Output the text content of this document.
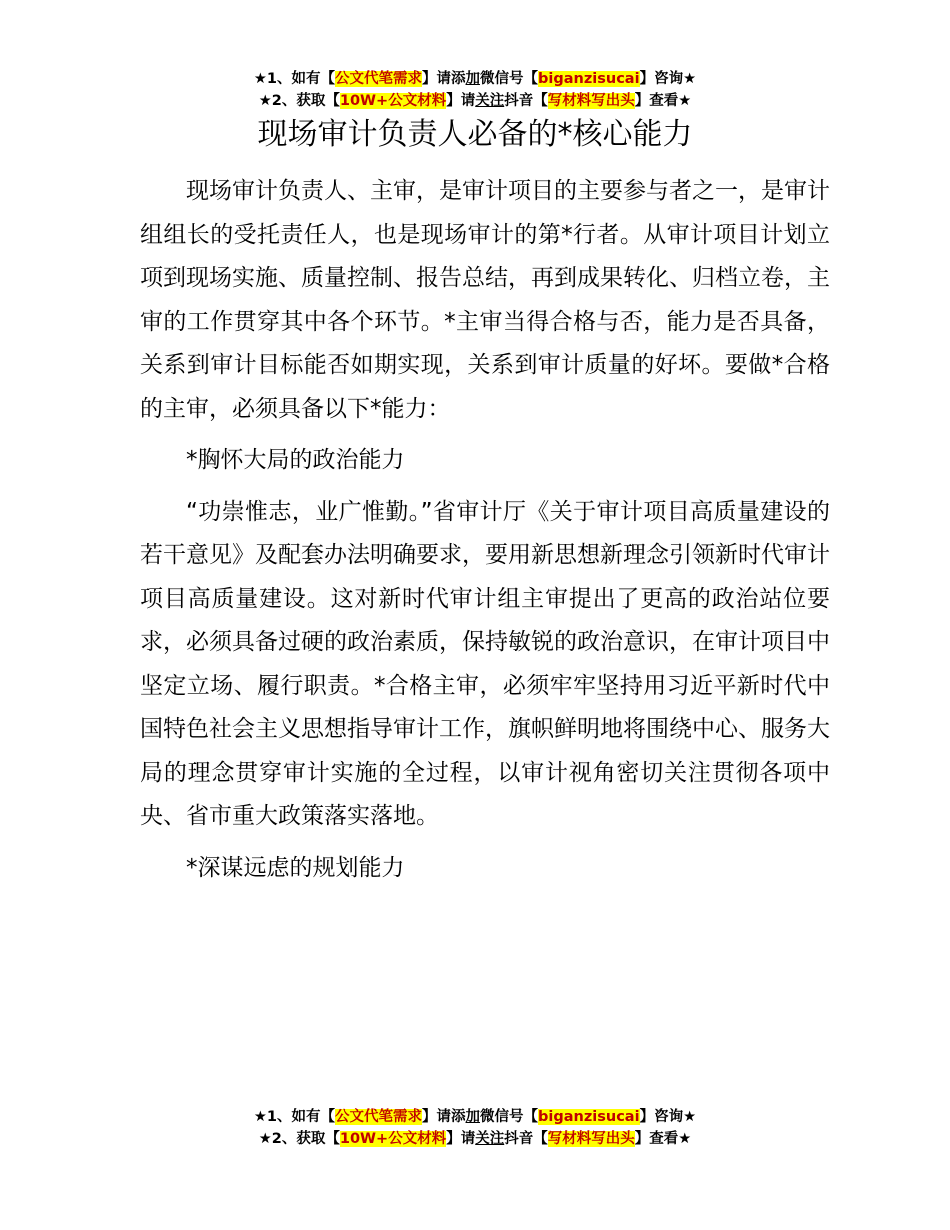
★1、如有【公文代笔需求】请添加微信号【biganzisucai】咨询★
★2、获取【10W+公文材料】请关注抖音【写材料写出头】查看★
现场审计负责人必备的*核心能力

现场审计负责人、主审，是审计项目的主要参与者之一，是审计组组长的受托责任人，也是现场审计的第*行者。从审计项目计划立项到现场实施、质量控制、报告总结，再到成果转化、归档立卷，主审的工作贯穿其中各个环节。*主审当得合格与否，能力是否具备，关系到审计目标能否如期实现，关系到审计质量的好坏。要做*合格的主审，必须具备以下*能力：

*胸怀大局的政治能力

“功崇惟志，业广惟勤。”省审计厅《关于审计项目高质量建设的若干意见》及配套办法明确要求，要用新思想新理念引领新时代审计项目高质量建设。这对新时代审计组主审提出了更高的政治站位要求，必须具备过硬的政治素质，保持敏锐的政治意识，在审计项目中坚定立场、履行职责。*合格主审，必须牢牢坚持用习近平新时代中国特色社会主义思想指导审计工作，旗帜鲜明地将围绕中心、服务大局的理念贯穿审计实施的全过程，以审计视角密切关注贯彻各项中央、省市重大政策落实落地。

*深谋远虑的规划能力

★1、如有【公文代笔需求】请添加微信号【biganzisucai】咨询★
★2、获取【10W+公文材料】请关注抖音【写材料写出头】查看★
